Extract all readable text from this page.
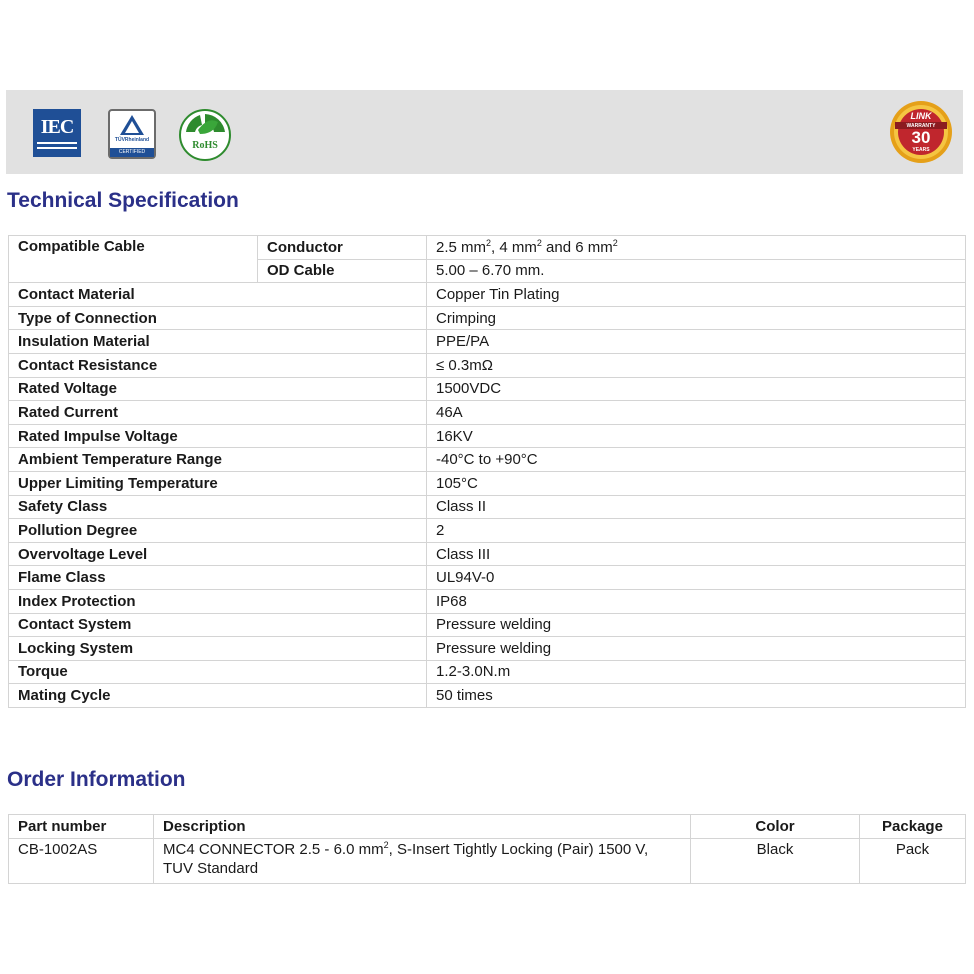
IEC
TÜVRheinland
CERTIFIED
RoHS
LINK
WARRANTY
30
YEARS
Technical Specification
Compatible Cable	Conductor	2.5 $mm^2$, 4 $mm^2$ and 6 $mm^2$
	OD Cable	5.00 – 6.70 mm.
Contact Material		Copper Tin Plating
Type of Connection		Crimping
Insulation Material		PPE/PA
Contact Resistance		≤ 0.3mΩ
Rated Voltage		1500VDC
Rated Current		46A
Rated Impulse Voltage		16KV
Ambient Temperature Range		-40°C to +90°C
Upper Limiting Temperature		105°C
Safety Class		Class II
Pollution Degree		2
Overvoltage Level		Class III
Flame Class		UL94V-0
Index Protection		IP68
Contact System		Pressure welding
Locking System		Pressure welding
Torque		1.2-3.0N.m
Mating Cycle		50 times
Order Information
Part number	Description	Color	Package
CB-1002AS	MC4 CONNECTOR 2.5 - 6.0 $mm^2$, S-Insert Tightly Locking (Pair) 1500 V, TUV Standard	Black	Pack
